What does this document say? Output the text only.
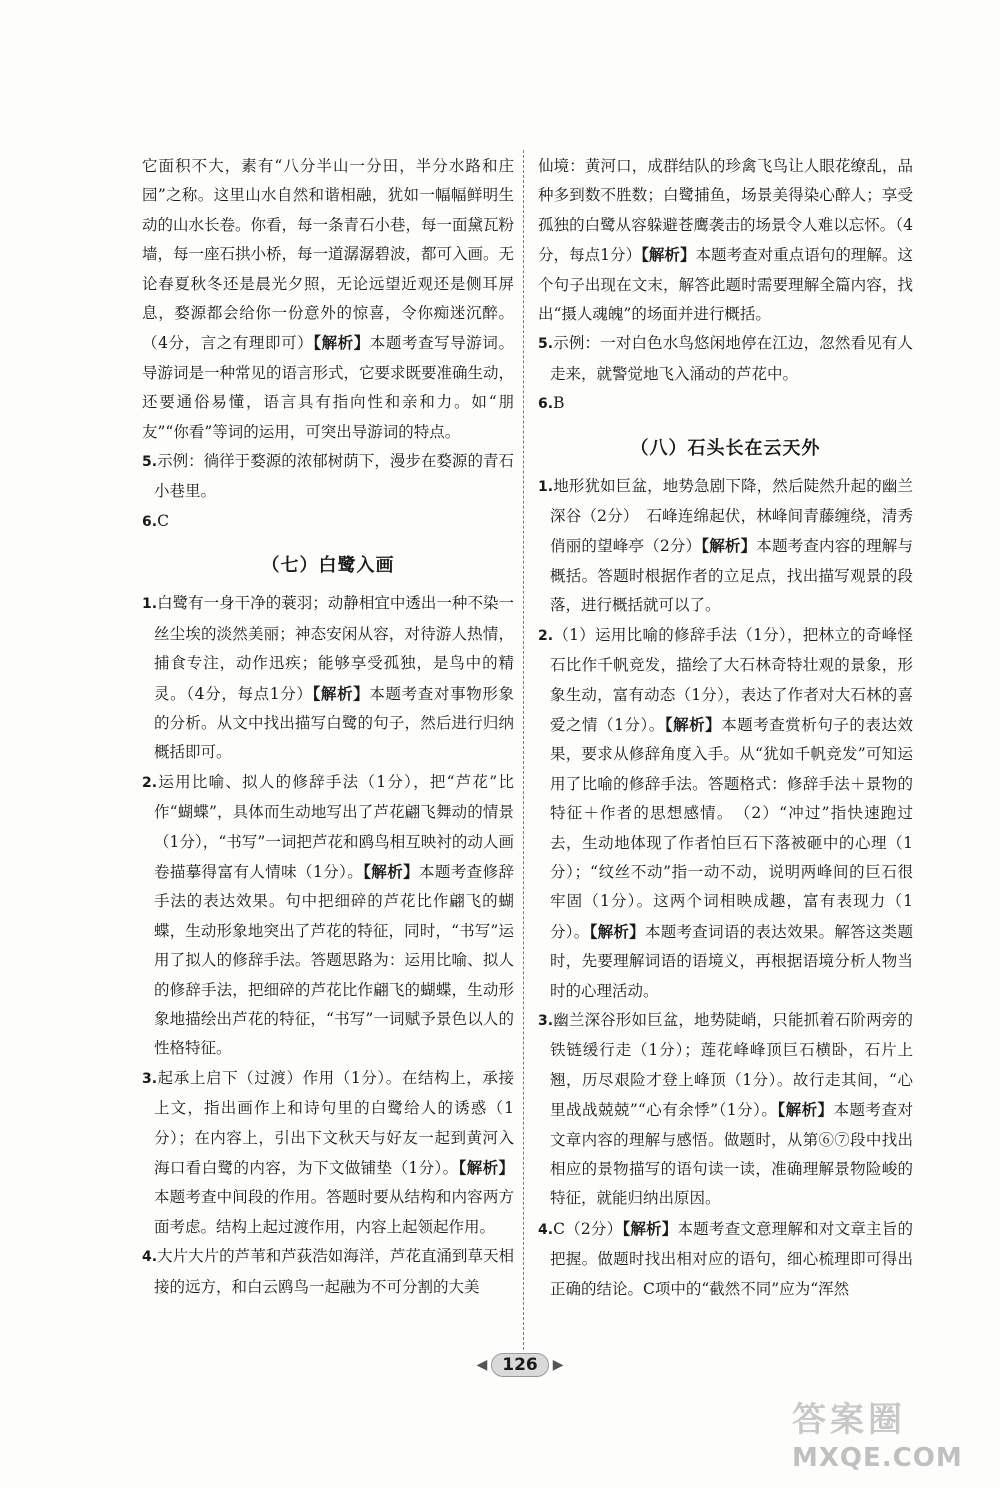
它面积不大，素有“八分半山一分田，半分水路和庄园”之称。这里山水自然和谐相融，犹如一幅幅鲜明生动的山水长卷。你看，每一条青石小巷，每一面黛瓦粉墙，每一座石拱小桥，每一道潺潺碧波，都可入画。无论春夏秋冬还是晨光夕照，无论远望近观还是侧耳屏息，婺源都会给你一份意外的惊喜，令你痴迷沉醉。（4分，言之有理即可）【解析】本题考查写导游词。导游词是一种常见的语言形式，它要求既要准确生动，还要通俗易懂，语言具有指向性和亲和力。如“朋友”“你看”等词的运用，可突出导游词的特点。

5.示例：徜徉于婺源的浓郁树荫下，漫步在婺源的青石小巷里。

6.C

（七）白鹭入画

1.白鹭有一身干净的蓑羽；动静相宜中透出一种不染一丝尘埃的淡然美丽；神态安闲从容，对待游人热情，捕食专注，动作迅疾；能够享受孤独，是鸟中的精灵。（4分，每点1分）【解析】本题考查对事物形象的分析。从文中找出描写白鹭的句子，然后进行归纳概括即可。

2.运用比喻、拟人的修辞手法（1分），把“芦花”比作“蝴蝶”，具体而生动地写出了芦花翩飞舞动的情景（1分），“书写”一词把芦花和鸥鸟相互映衬的动人画卷描摹得富有人情味（1分）。【解析】本题考查修辞手法的表达效果。句中把细碎的芦花比作翩飞的蝴蝶，生动形象地突出了芦花的特征，同时，“书写”运用了拟人的修辞手法。答题思路为：运用比喻、拟人的修辞手法，把细碎的芦花比作翩飞的蝴蝶，生动形象地描绘出芦花的特征，“书写”一词赋予景色以人的性格特征。

3.起承上启下（过渡）作用（1分）。在结构上，承接上文，指出画作上和诗句里的白鹭给人的诱惑（1分）；在内容上，引出下文秋天与好友一起到黄河入海口看白鹭的内容，为下文做铺垫（1分）。【解析】本题考查中间段的作用。答题时要从结构和内容两方面考虑。结构上起过渡作用，内容上起领起作用。

4.大片大片的芦苇和芦荻浩如海洋，芦花直涌到草天相接的远方，和白云鸥鸟一起融为不可分割的大美

仙境：黄河口，成群结队的珍禽飞鸟让人眼花缭乱，品种多到数不胜数；白鹭捕鱼，场景美得染心醉人；享受孤独的白鹭从容躲避苍鹰袭击的场景令人难以忘怀。（4分，每点1分）【解析】本题考查对重点语句的理解。这个句子出现在文末，解答此题时需要理解全篇内容，找出“摄人魂魄”的场面并进行概括。

5.示例：一对白色水鸟悠闲地停在江边，忽然看见有人走来，就警觉地飞入涌动的芦花中。

6.B

（八）石头长在云天外

1.地形犹如巨盆，地势急剧下降，然后陡然升起的幽兰深谷（2分）　石峰连绵起伏，林峰间青藤缠绕，清秀俏丽的望峰亭（2分）【解析】本题考查内容的理解与概括。答题时根据作者的立足点，找出描写观景的段落，进行概括就可以了。

2.（1）运用比喻的修辞手法（1分），把林立的奇峰怪石比作千帆竞发，描绘了大石林奇特壮观的景象，形象生动，富有动态（1分），表达了作者对大石林的喜爱之情（1分）。【解析】本题考查赏析句子的表达效果，要求从修辞角度入手。从“犹如千帆竞发”可知运用了比喻的修辞手法。答题格式：修辞手法＋景物的特征＋作者的思想感情。　（2）“冲过”指快速跑过去，生动地体现了作者怕巨石下落被砸中的心理（1分）；“纹丝不动”指一动不动，说明两峰间的巨石很牢固（1分）。这两个词相映成趣，富有表现力（1分）。【解析】本题考查词语的表达效果。解答这类题时，先要理解词语的语境义，再根据语境分析人物当时的心理活动。

3.幽兰深谷形如巨盆，地势陡峭，只能抓着石阶两旁的铁链缓行走（1分）；莲花峰峰顶巨石横卧，石片上翘，历尽艰险才登上峰顶（1分）。故行走其间，“心里战战兢兢”“心有余悸”（1分）。【解析】本题考查对文章内容的理解与感悟。做题时，从第⑥⑦段中找出相应的景物描写的语句读一读，准确理解景物险峻的特征，就能归纳出原因。

4.C（2分）【解析】本题考查文意理解和对文章主旨的把握。做题时找出相对应的语句，细心梳理即可得出正确的结论。C项中的“截然不同”应为“浑然

◀ 126	▶
答案圈
MXQE.COM
